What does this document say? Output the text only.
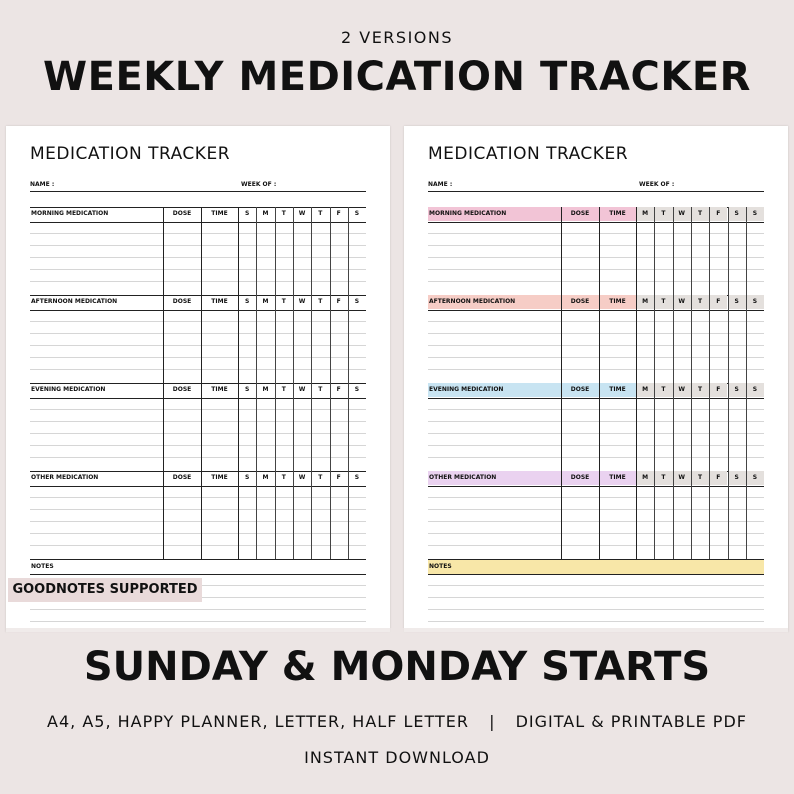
2 VERSIONS
WEEKLY MEDICATION TRACKER
MEDICATION TRACKER
NAME :	WEEK OF :
MORNING MEDICATION	DOSE	TIME	S	M	T	W	T	F	S
AFTERNOON MEDICATION	DOSE	TIME	S	M	T	W	T	F	S
EVENING MEDICATION	DOSE	TIME	S	M	T	W	T	F	S
OTHER MEDICATION	DOSE	TIME	S	M	T	W	T	F	S
NOTES
MEDICATION TRACKER
NAME :	WEEK OF :
MORNING MEDICATION	DOSE	TIME	M	T	W	T	F	S	S
AFTERNOON MEDICATION	DOSE	TIME	M	T	W	T	F	S	S
EVENING MEDICATION	DOSE	TIME	M	T	W	T	F	S	S
OTHER MEDICATION	DOSE	TIME	M	T	W	T	F	S	S
NOTES
GOODNOTES SUPPORTED
SUNDAY & MONDAY STARTS
A4, A5, HAPPY PLANNER, LETTER, HALF LETTER | DIGITAL & PRINTABLE PDF
INSTANT DOWNLOAD
